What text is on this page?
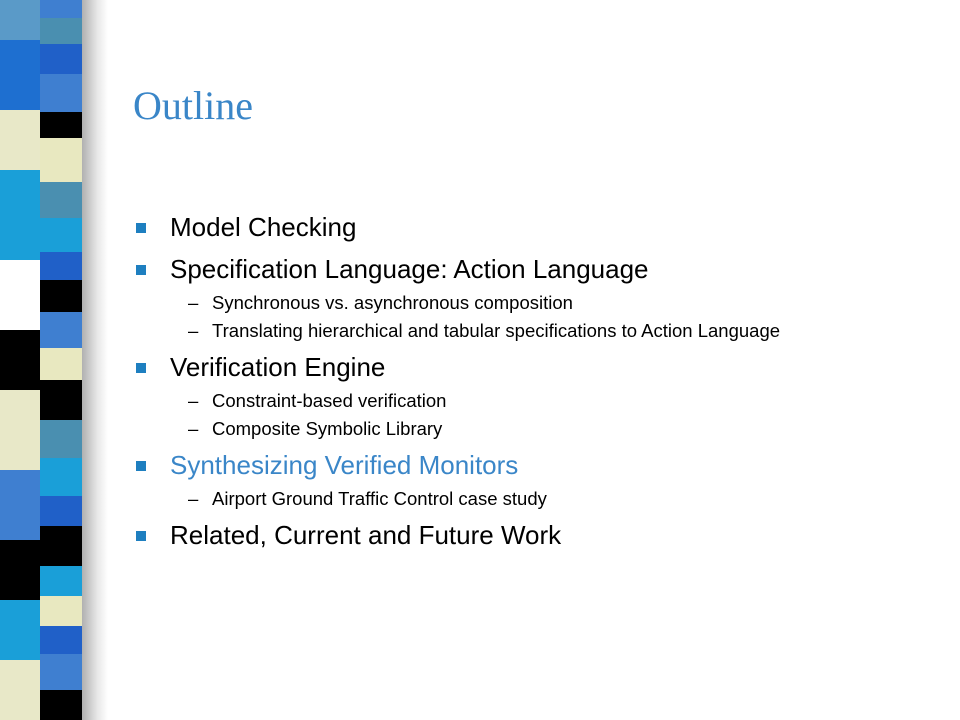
Outline
Model Checking
Specification Language: Action Language
– Synchronous vs. asynchronous composition
– Translating hierarchical and tabular specifications to Action Language
Verification Engine
– Constraint-based verification
– Composite Symbolic Library
Synthesizing Verified Monitors
– Airport Ground Traffic Control case study
Related, Current and Future Work
